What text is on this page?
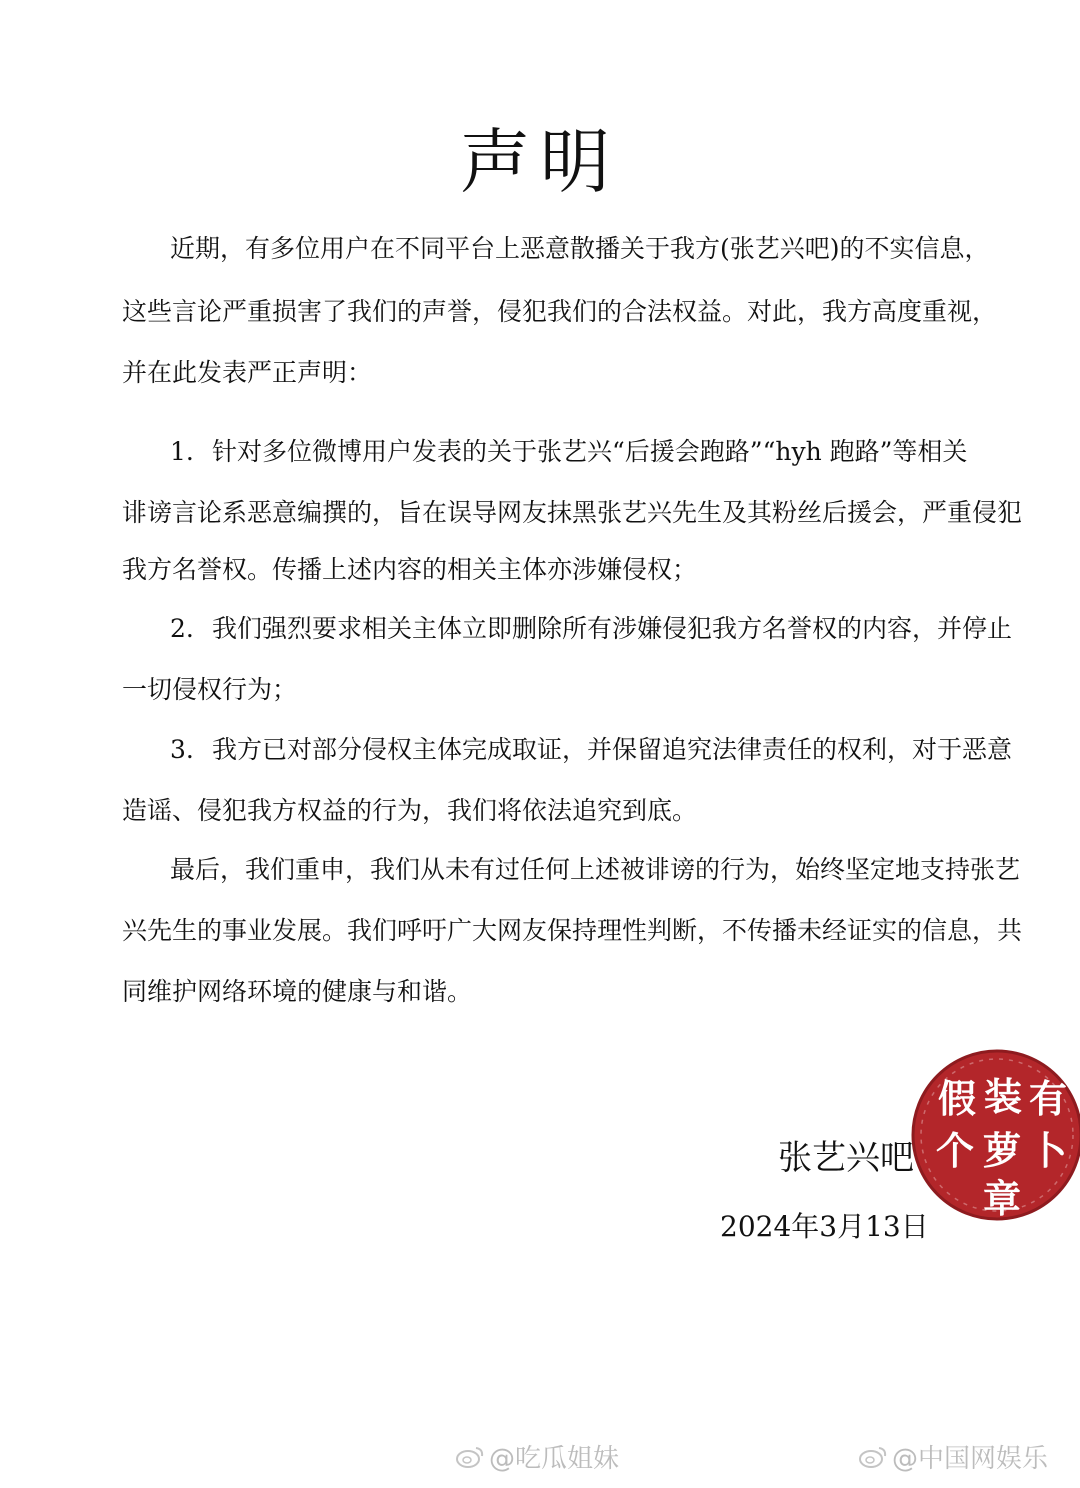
声明
近期，有多位用户在不同平台上恶意散播关于我方(张艺兴吧)的不实信息，
这些言论严重损害了我们的声誉，侵犯我们的合法权益。对此，我方高度重视，
并在此发表严正声明：
1. 针对多位微博用户发表的关于张艺兴“后援会跑路”“hyh 跑路”等相关
诽谤言论系恶意编撰的，旨在误导网友抹黑张艺兴先生及其粉丝后援会，严重侵犯
我方名誉权。传播上述内容的相关主体亦涉嫌侵权；
2. 我们强烈要求相关主体立即删除所有涉嫌侵犯我方名誉权的内容，并停止
一切侵权行为；
3. 我方已对部分侵权主体完成取证，并保留追究法律责任的权利，对于恶意
造谣、侵犯我方权益的行为，我们将依法追究到底。
最后，我们重申，我们从未有过任何上述被诽谤的行为，始终坚定地支持张艺
兴先生的事业发展。我们呼吁广大网友保持理性判断，不传播未经证实的信息，共
同维护网络环境的健康与和谐。
张艺兴吧
2024年3月13日
假 装 有
个 萝 卜
章
@吃瓜姐妹	@中国网娱乐
